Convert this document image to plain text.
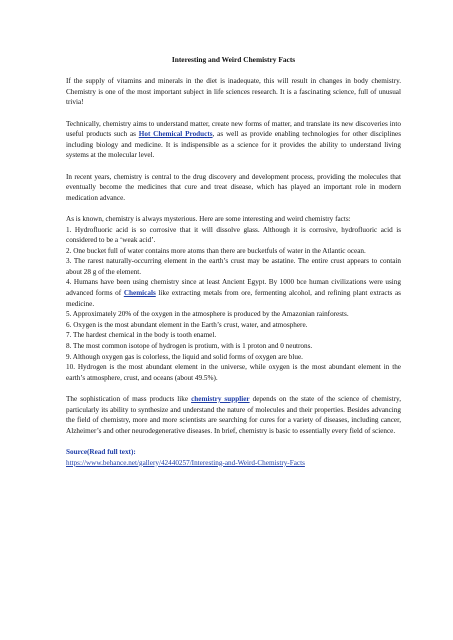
Interesting and Weird Chemistry Facts

If the supply of vitamins and minerals in the diet is inadequate, this will result in changes in body chemistry. Chemistry is one of the most important subject in life sciences research. It is a fascinating science, full of unusual trivia!

Technically, chemistry aims to understand matter, create new forms of matter, and translate its new discoveries into useful products such as Hot Chemical Products, as well as provide enabling technologies for other disciplines including biology and medicine. It is indispensible as a science for it provides the ability to understand living systems at the molecular level.

In recent years, chemistry is central to the drug discovery and development process, providing the molecules that eventually become the medicines that cure and treat disease, which has played an important role in modern medication advance.

As is known, chemistry is always mysterious. Here are some interesting and weird chemistry facts:

1. Hydrofluoric acid is so corrosive that it will dissolve glass. Although it is corrosive, hydrofluoric acid is considered to be a ‘weak acid’.

2. One bucket full of water contains more atoms than there are bucketfuls of water in the Atlantic ocean.

3. The rarest naturally-occurring element in the earth’s crust may be astatine. The entire crust appears to contain about 28 g of the element.

4. Humans have been using chemistry since at least Ancient Egypt. By 1000 bce human civilizations were using advanced forms of Chemicals like extracting metals from ore, fermenting alcohol, and refining plant extracts as medicine.

5. Approximately 20% of the oxygen in the atmosphere is produced by the Amazonian rainforests.

6. Oxygen is the most abundant element in the Earth’s crust, water, and atmosphere.

7. The hardest chemical in the body is tooth enamel.

8. The most common isotope of hydrogen is protium, with is 1 proton and 0 neutrons.

9. Although oxygen gas is colorless, the liquid and solid forms of oxygen are blue.

10. Hydrogen is the most abundant element in the universe, while oxygen is the most abundant element in the earth’s atmosphere, crust, and oceans (about 49.5%).

The sophistication of mass products like chemistry supplier depends on the state of the science of chemistry, particularly its ability to synthesize and understand the nature of molecules and their properties. Besides advancing the field of chemistry, more and more scientists are searching for cures for a variety of diseases, including cancer, Alzheimer’s and other neurodegenerative diseases. In brief, chemistry is basic to essentially every field of science.

Source(Read full text):

https://www.behance.net/gallery/42440257/Interesting-and-Weird-Chemistry-Facts
